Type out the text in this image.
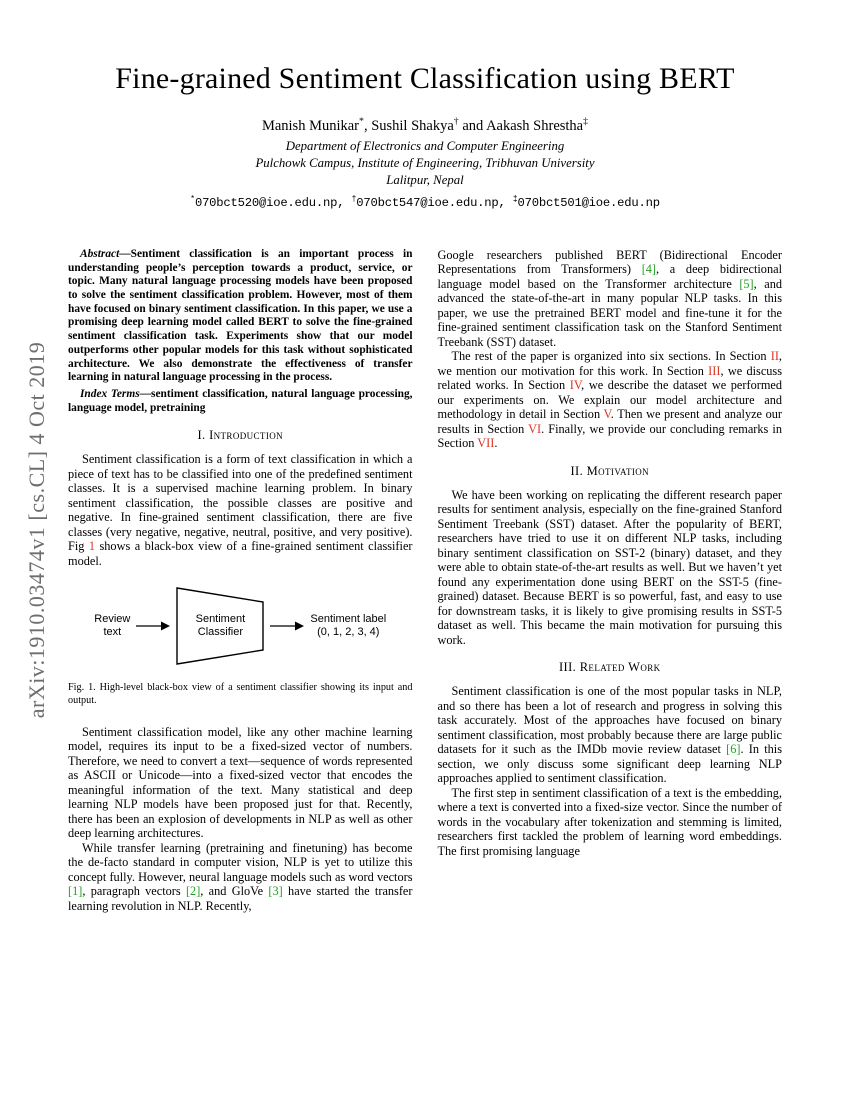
arXiv:1910.03474v1 [cs.CL] 4 Oct 2019
Fine-grained Sentiment Classification using BERT
Manish Munikar*, Sushil Shakya† and Aakash Shrestha‡
Department of Electronics and Computer Engineering
Pulchowk Campus, Institute of Engineering, Tribhuvan University
Lalitpur, Nepal
*070bct520@ioe.edu.np, †070bct547@ioe.edu.np, ‡070bct501@ioe.edu.np

Abstract—Sentiment classification is an important process in understanding people’s perception towards a product, service, or topic. Many natural language processing models have been proposed to solve the sentiment classification problem. However, most of them have focused on binary sentiment classification. In this paper, we use a promising deep learning model called BERT to solve the fine-grained sentiment classification task. Experiments show that our model outperforms other popular models for this task without sophisticated architecture. We also demonstrate the effectiveness of transfer learning in natural language processing in the process.

Index Terms—sentiment classification, natural language processing, language model, pretraining

I. Introduction

Sentiment classification is a form of text classification in which a piece of text has to be classified into one of the predefined sentiment classes. It is a supervised machine learning problem. In binary sentiment classification, the possible classes are positive and negative. In fine-grained sentiment classification, there are five classes (very negative, negative, neutral, positive, and very positive). Fig 1 shows a black-box view of a fine-grained sentiment classifier model.

Review
text
Sentiment
Classifier
Sentiment label
(0, 1, 2, 3, 4)
Fig. 1. High-level black-box view of a sentiment classifier showing its input and output.

Sentiment classification model, like any other machine learning model, requires its input to be a fixed-sized vector of numbers. Therefore, we need to convert a text—sequence of words represented as ASCII or Unicode—into a fixed-sized vector that encodes the meaningful information of the text. Many statistical and deep learning NLP models have been proposed just for that. Recently, there has been an explosion of developments in NLP as well as other deep learning architectures.

While transfer learning (pretraining and finetuning) has become the de-facto standard in computer vision, NLP is yet to utilize this concept fully. However, neural language models such as word vectors [1], paragraph vectors [2], and GloVe [3] have started the transfer learning revolution in NLP. Recently,

Google researchers published BERT (Bidirectional Encoder Representations from Transformers) [4], a deep bidirectional language model based on the Transformer architecture [5], and advanced the state-of-the-art in many popular NLP tasks. In this paper, we use the pretrained BERT model and fine-tune it for the fine-grained sentiment classification task on the Stanford Sentiment Treebank (SST) dataset.

The rest of the paper is organized into six sections. In Section II, we mention our motivation for this work. In Section III, we discuss related works. In Section IV, we describe the dataset we performed our experiments on. We explain our model architecture and methodology in detail in Section V. Then we present and analyze our results in Section VI. Finally, we provide our concluding remarks in Section VII.

II. Motivation

We have been working on replicating the different research paper results for sentiment analysis, especially on the fine-grained Stanford Sentiment Treebank (SST) dataset. After the popularity of BERT, researchers have tried to use it on different NLP tasks, including binary sentiment classification on SST-2 (binary) dataset, and they were able to obtain state-of-the-art results as well. But we haven’t yet found any experimentation done using BERT on the SST-5 (fine-grained) dataset. Because BERT is so powerful, fast, and easy to use for downstream tasks, it is likely to give promising results in SST-5 dataset as well. This became the main motivation for pursuing this work.

III. Related Work

Sentiment classification is one of the most popular tasks in NLP, and so there has been a lot of research and progress in solving this task accurately. Most of the approaches have focused on binary sentiment classification, most probably because there are large public datasets for it such as the IMDb movie review dataset [6]. In this section, we only discuss some significant deep learning NLP approaches applied to sentiment classification.

The first step in sentiment classification of a text is the embedding, where a text is converted into a fixed-size vector. Since the number of words in the vocabulary after tokenization and stemming is limited, researchers first tackled the problem of learning word embeddings. The first promising language
